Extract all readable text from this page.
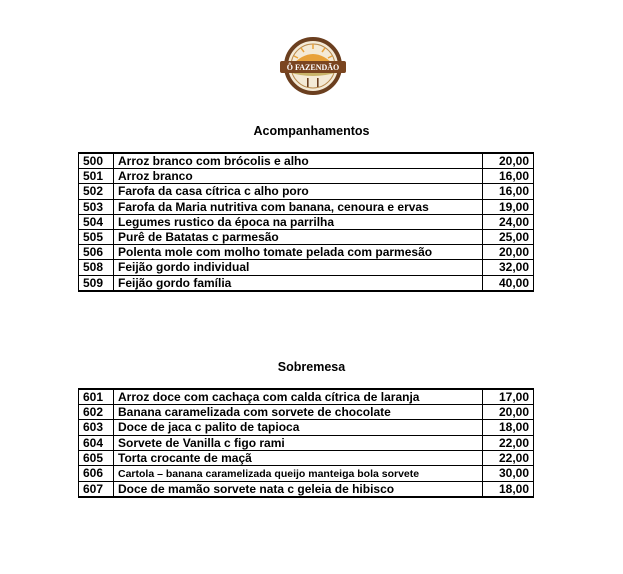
Ô FAZENDÃO
Acompanhamentos
500	Arroz branco com brócolis e alho	20,00
501	Arroz branco	16,00
502	Farofa da casa cítrica c alho poro	16,00
503	Farofa da Maria nutritiva com banana, cenoura e ervas	19,00
504	Legumes rustico da época na parrilha	24,00
505	Purê de Batatas c parmesão	25,00
506	Polenta mole com molho tomate pelada com parmesão	20,00
508	Feijão gordo individual	32,00
509	Feijão gordo família	40,00
Sobremesa
601	Arroz doce com cachaça com calda cítrica de laranja	17,00
602	Banana caramelizada com sorvete de chocolate	20,00
603	Doce de jaca c palito de tapioca	18,00
604	Sorvete de Vanilla c figo rami	22,00
605	Torta crocante de maçã	22,00
606	Cartola – banana caramelizada queijo manteiga bola sorvete	30,00
607	Doce de mamão sorvete nata c geleia de hibisco	18,00
